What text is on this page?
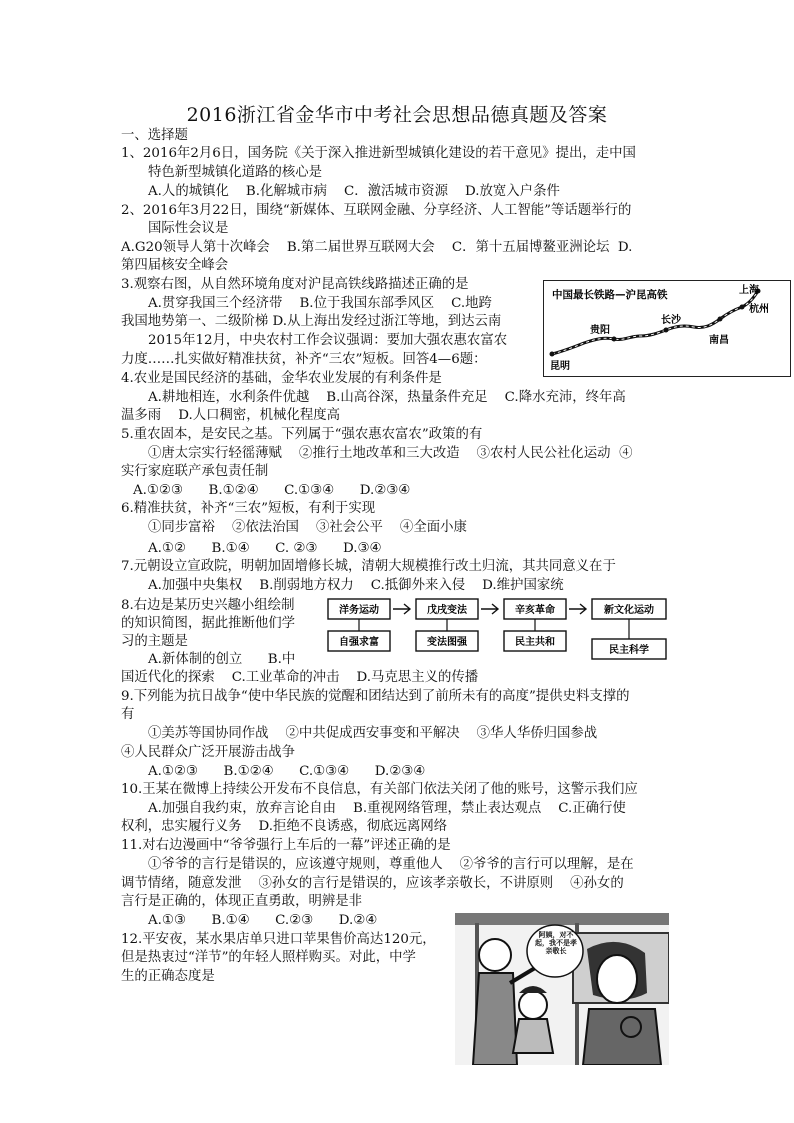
2016浙江省金华市中考社会思想品德真题及答案
一、选择题
1、2016年2月6日，国务院《关于深入推进新型城镇化建设的若干意见》提出，走中国
特色新型城镇化道路的核心是
A.人的城镇化    B.化解城市病    C．激活城市资源    D.放宽入户条件
2、2016年3月22日，围绕“新媒体、互联网金融、分享经济、人工智能”等话题举行的
国际性会议是
A.G20领导人第十次峰会    B.第二届世界互联网大会    C．第十五届博鳌亚洲论坛  D.
第四届核安全峰会
3.观察右图，从自然环境角度对沪昆高铁线路描述正确的是
A.贯穿我国三个经济带    B.位于我国东部季风区    C.地跨
我国地势第一、二级阶梯 D.从上海出发经过浙江等地，到达云南
中国最长铁路—沪昆高铁	上海
杭州
长沙
南昌
贵阳
昆明
2015年12月，中央农村工作会议强调：要加大强农惠农富农
力度……扎实做好精准扶贫，补齐“三农”短板。回答4—6题：
4.农业是国民经济的基础，金华农业发展的有利条件是
A.耕地相连，水利条件优越    B.山高谷深，热量条件充足    C.降水充沛，终年高
温多雨    D.人口稠密，机械化程度高
5.重农固本，是安民之基。下列属于“强农惠农富农”政策的有
①唐太宗实行轻徭薄赋    ②推行土地改革和三大改造    ③农村人民公社化运动  ④
实行家庭联产承包责任制
A.①②③      B.①②④      C.①③④      D.②③④
6.精准扶贫，补齐“三农”短板，有利于实现
①同步富裕    ②依法治国    ③社会公平    ④全面小康
A.①②      B.①④      C. ②③      D.③④
7.元朝设立宣政院，明朝加固增修长城，清朝大规模推行改土归流，其共同意义在于
A.加强中央集权    B.削弱地方权力    C.抵御外来入侵    D.维护国家统
8.右边是某历史兴趣小组绘制
的知识简图，据此推断他们学
习的主题是
A.新体制的创立      B.中
国近代化的探索    C.工业革命的冲击    D.马克思主义的传播
洋务运动	戊戌变法	辛亥革命	新文化运动
自强求富	变法图强	民主共和
民主科学
9.下列能为抗日战争“使中华民族的觉醒和团结达到了前所未有的高度”提供史料支撑的
有
①美苏等国协同作战    ②中共促成西安事变和平解决    ③华人华侨归国参战
④人民群众广泛开展游击战争
A.①②③      B.①②④      C.①③④      D.②③④
10.王某在微博上持续公开发布不良信息，有关部门依法关闭了他的账号，这警示我们应
A.加强自我约束，放弃言论自由    B.重视网络管理，禁止表达观点    C.正确行使
权利，忠实履行义务    D.拒绝不良诱惑，彻底远离网络
11.对右边漫画中“爷爷强行上车后的一幕”评述正确的是
①爷爷的言行是错误的，应该遵守规则，尊重他人    ②爷爷的言行可以理解，是在
调节情绪，随意发泄    ③孙女的言行是错误的，应该孝亲敬长，不讲原则    ④孙女的
言行是正确的，体现正直勇敢，明辨是非
A.①③      B.①④      C.②③      D.②④
12.平安夜，某水果店单只进口苹果售价高达120元，
但是热衷过“洋节”的年轻人照样购买。对此，中学
生的正确态度是
阿姨，对不起，我不是孝亲敬长
